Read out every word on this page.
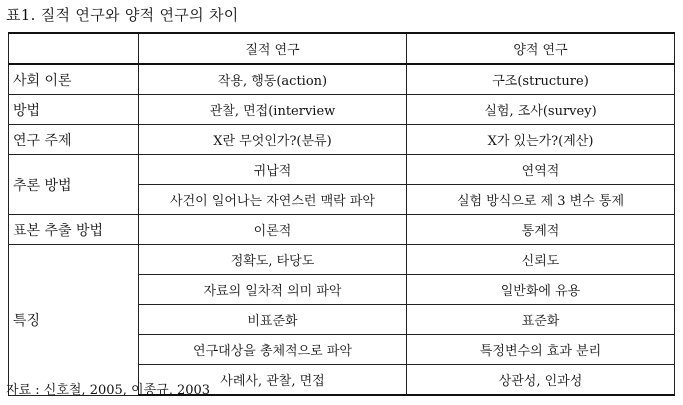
표1. 질적 연구와 양적 연구의 차이
	질적 연구	양적 연구
사회 이론	작용, 행동(action)	구조(structure)
방법	관찰, 면접(interview	실험, 조사(survey)
연구 주제	X란 무엇인가?(분류)	X가 있는가?(계산)
추론 방법	귀납적	연역적
	사건이 일어나는 자연스런 맥락 파악	실험 방식으로 제 3 변수 통제
표본 추출 방법	이론적	통계적
특징	정확도, 타당도	신뢰도
	자료의 일차적 의미 파악	일반화에 유용
	비표준화	표준화
	연구대상을 총체적으로 파악	특정변수의 효과 분리
	사례사, 관찰, 면접	상관성, 인과성
자료 : 신호철, 2005, 이종규, 2003
